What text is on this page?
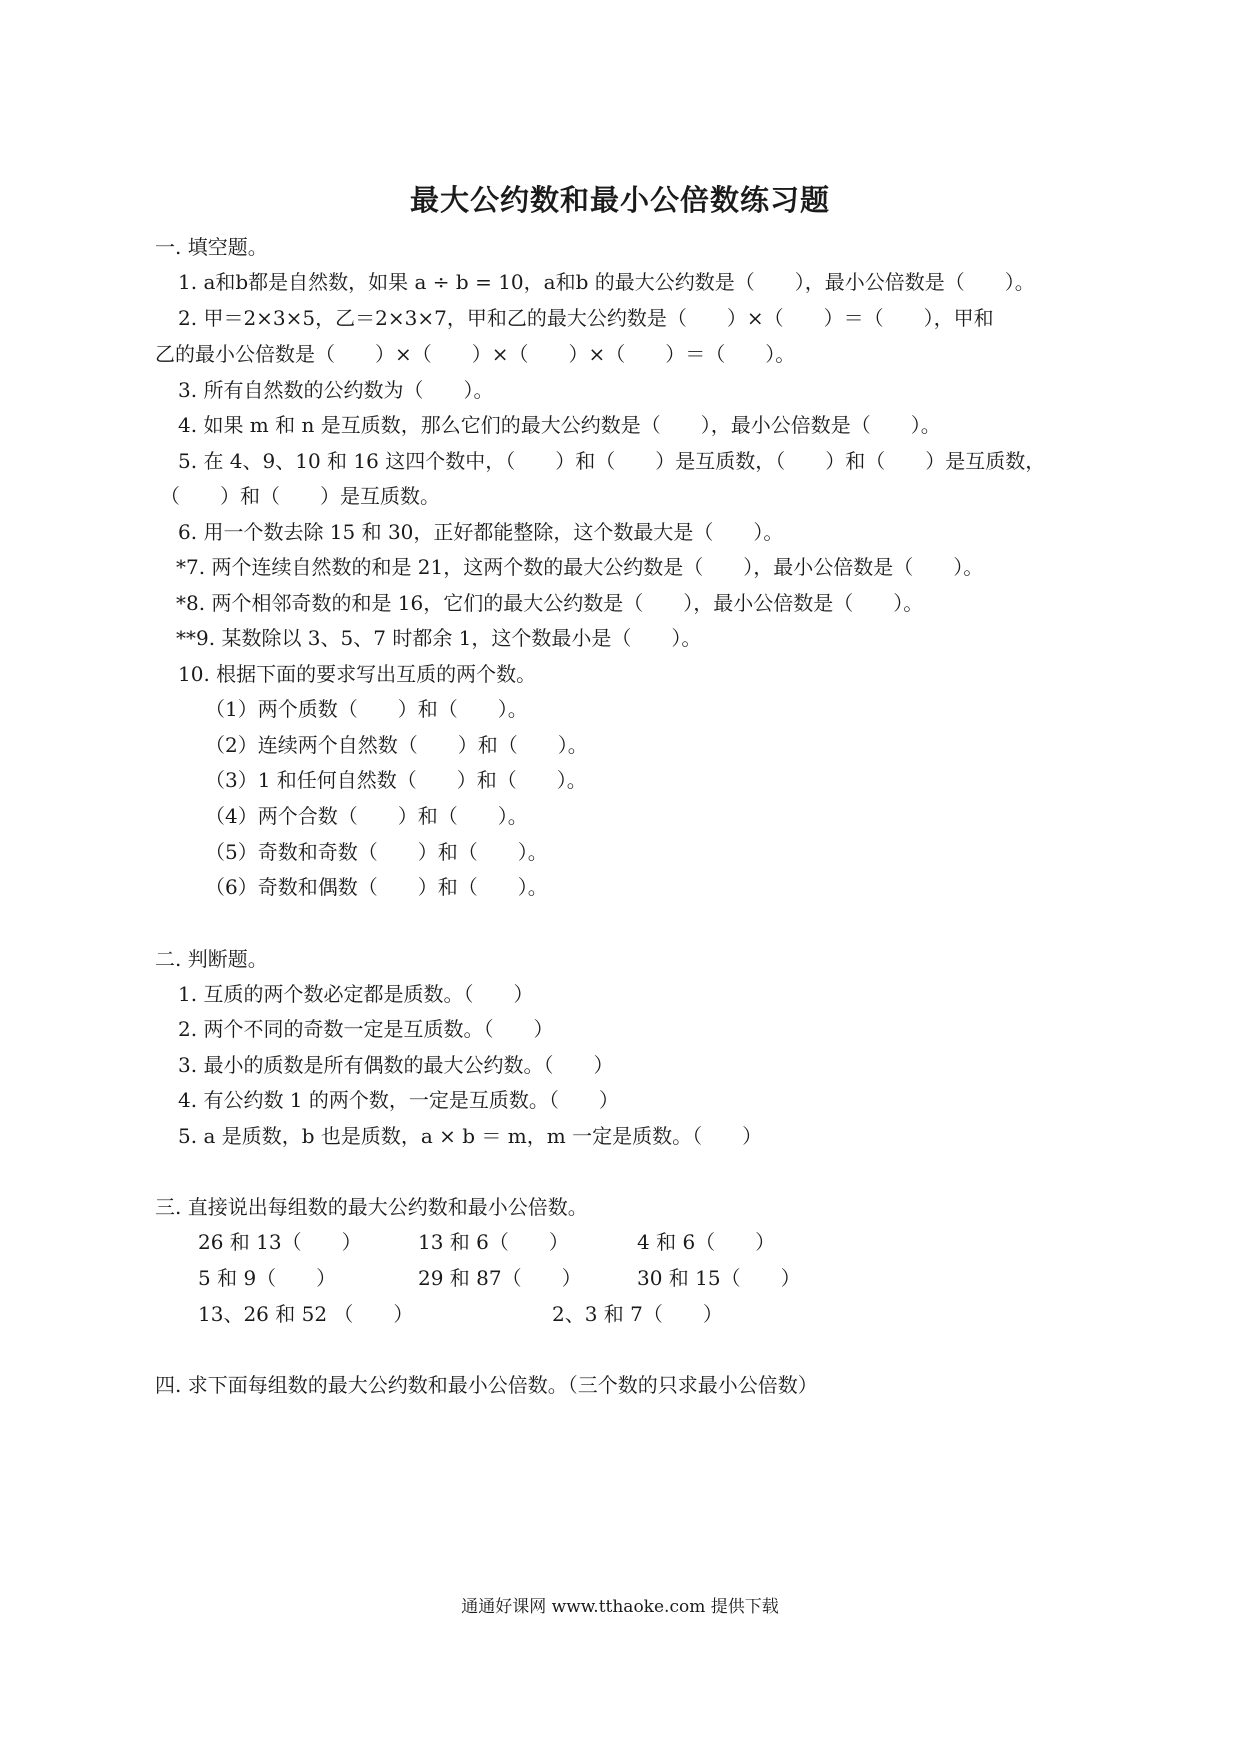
最大公约数和最小公倍数练习题
一. 填空题。
1. a和b都是自然数，如果 a ÷ b = 10，a和b 的最大公约数是（　　），最小公倍数是（　　）。
2. 甲＝2×3×5，乙＝2×3×7，甲和乙的最大公约数是（　　）×（　　）＝（　　），甲和
乙的最小公倍数是（　　）×（　　）×（　　）×（　　）＝（　　）。
3. 所有自然数的公约数为（　　）。
4. 如果 m 和 n 是互质数，那么它们的最大公约数是（　　），最小公倍数是（　　）。
5. 在 4、9、10 和 16 这四个数中，（　　）和（　　）是互质数，（　　）和（　　）是互质数，
（　　）和（　　）是互质数。
6. 用一个数去除 15 和 30，正好都能整除，这个数最大是（　　）。
*7. 两个连续自然数的和是 21，这两个数的最大公约数是（　　），最小公倍数是（　　）。
*8. 两个相邻奇数的和是 16，它们的最大公约数是（　　），最小公倍数是（　　）。
**9. 某数除以 3、5、7 时都余 1，这个数最小是（　　）。
10. 根据下面的要求写出互质的两个数。
（1）两个质数（　　）和（　　）。
（2）连续两个自然数（　　）和（　　）。
（3）1 和任何自然数（　　）和（　　）。
（4）两个合数（　　）和（　　）。
（5）奇数和奇数（　　）和（　　）。
（6）奇数和偶数（　　）和（　　）。
二. 判断题。
1. 互质的两个数必定都是质数。（　　）
2. 两个不同的奇数一定是互质数。（　　）
3. 最小的质数是所有偶数的最大公约数。（　　）
4. 有公约数 1 的两个数，一定是互质数。（　　）
5. a 是质数，b 也是质数，a × b ＝ m，m 一定是质数。（　　）
三. 直接说出每组数的最大公约数和最小公倍数。
26 和 13（　　）	13 和 6（　　）	4 和 6（　　）
5 和 9（　　）	29 和 87（　　）	30 和 15（　　）
13、26 和 52 （　　）	2、3 和 7（　　）
四. 求下面每组数的最大公约数和最小公倍数。（三个数的只求最小公倍数）
通通好课网 www.tthaoke.com 提供下载
